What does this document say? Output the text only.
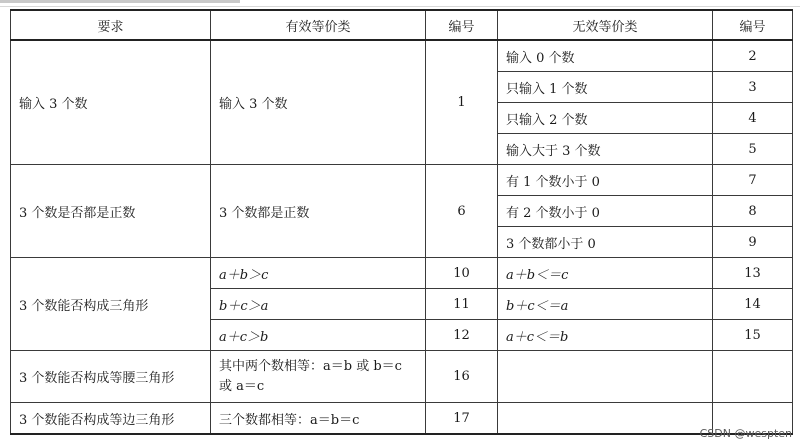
要求	有效等价类	编号	无效等价类	编号
输入 3 个数	输入 3 个数	1	输入 0 个数	2
			只输入 1 个数	3
			只输入 2 个数	4
			输入大于 3 个数	5
3 个数是否都是正数	3 个数都是正数	6	有 1 个数小于 0	7
			有 2 个数小于 0	8
			3 个数都小于 0	9
3 个数能否构成三角形	a＋b＞c	10	a＋b＜＝c	13
	b＋c＞a	11	b＋c＜＝a	14
	a＋c＞b	12	a＋c＜＝b	15
3 个数能否构成等腰三角形	其中两个数相等：a＝b 或 b＝c 或 a＝c	16		
3 个数能否构成等边三角形	三个数都相等：a＝b＝c	17		
CSDN @wespten
